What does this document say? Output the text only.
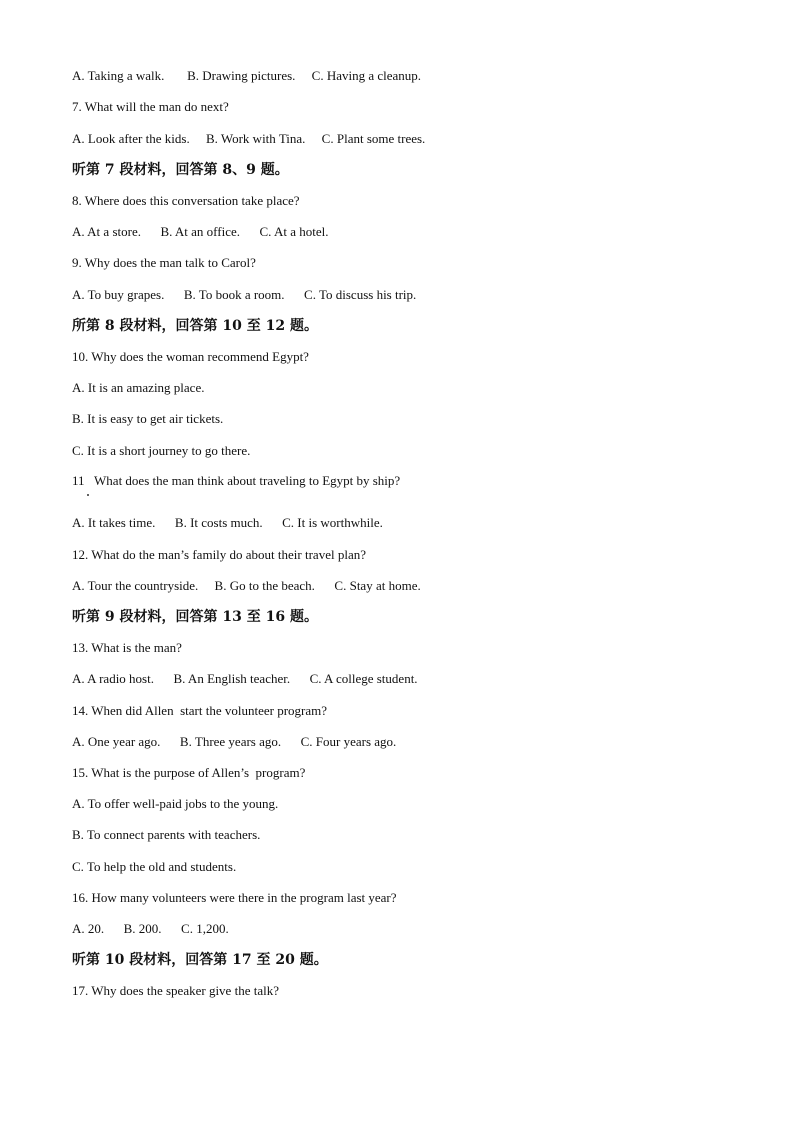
A. Taking a walk.       B. Drawing pictures.     C. Having a cleanup.
7. What will the man do next?
A. Look after the kids.     B. Work with Tina.     C. Plant some trees.
听第 7 段材料，回答第 8、9 题。
8. Where does this conversation take place?
A. At a store.      B. At an office.      C. At a hotel.
9. Why does the man talk to Carol?
A. To buy grapes.      B. To book a room.      C. To discuss his trip.
所第 8 段材料，回答第 10 至 12 题。
10. Why does the woman recommend Egypt?
A. It is an amazing place.
B. It is easy to get air tickets.
C. It is a short journey to go there.
11   What does the man think about traveling to Egypt by ship?
A. It takes time.      B. It costs much.      C. It is worthwhile.
12. What do the man’s family do about their travel plan?
A. Tour the countryside.     B. Go to the beach.      C. Stay at home.
听第 9 段材料，回答第 13 至 16 题。
13. What is the man?
A. A radio host.      B. An English teacher.      C. A college student.
14. When did Allen  start the volunteer program?
A. One year ago.      B. Three years ago.      C. Four years ago.
15. What is the purpose of Allen’s  program?
A. To offer well-paid jobs to the young.
B. To connect parents with teachers.
C. To help the old and students.
16. How many volunteers were there in the program last year?
A. 20.      B. 200.      C. 1,200.
听第 10 段材料，回答第 17 至 20 题。
17. Why does the speaker give the talk?
